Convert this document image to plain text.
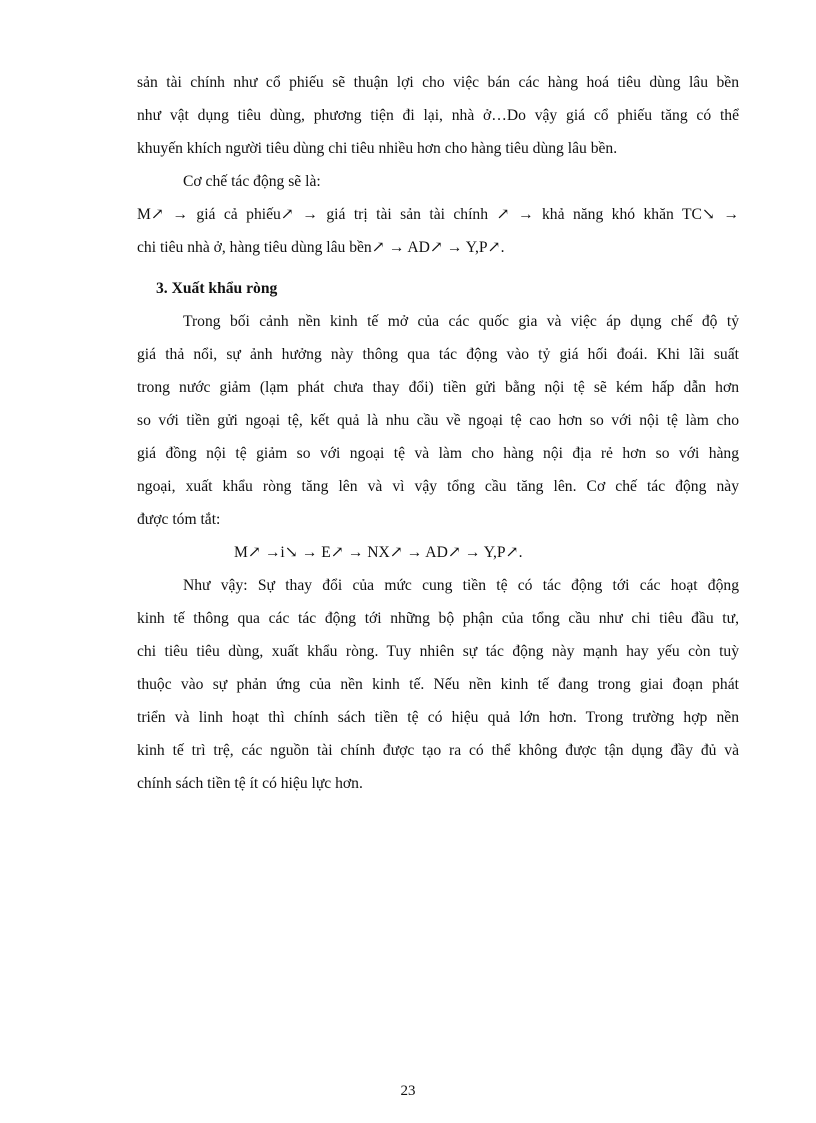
sản tài chính như cổ phiếu sẽ thuận lợi cho việc bán các hàng hoá tiêu dùng lâu bền

như vật dụng tiêu dùng, phương tiện đi lại, nhà ở…Do vậy giá cổ phiếu tăng có thể

khuyến khích người tiêu dùng chi tiêu nhiều hơn cho hàng tiêu dùng lâu bền.

Cơ chế tác động sẽ là:

M↗ → giá cả phiếu↗ → giá trị tài sản tài chính ↗ → khả năng khó khăn TC↘ →

chi tiêu nhà ở, hàng tiêu dùng lâu bền↗ → AD↗ → Y,P↗.

3. Xuất khẩu ròng

Trong bối cảnh nền kinh tế mở của các quốc gia và việc áp dụng chế độ tỷ

giá thả nổi, sự ảnh hưởng này thông qua tác động vào tỷ giá hối đoái. Khi lãi suất

trong nước giảm (lạm phát chưa thay đổi) tiền gửi bằng nội tệ sẽ kém hấp dẫn hơn

so với tiền gửi ngoại tệ, kết quả là nhu cầu về ngoại tệ cao hơn so với nội tệ làm cho

giá đồng nội tệ giảm so với ngoại tệ và làm cho hàng nội địa rẻ hơn so với hàng

ngoại, xuất khẩu ròng tăng lên và vì vậy tổng cầu tăng lên. Cơ chế tác động này

được tóm tắt:

M↗ →i↘ → E↗ → NX↗ → AD↗ → Y,P↗.

Như vậy: Sự thay đổi của mức cung tiền tệ có tác động tới các hoạt động

kinh tế thông qua các tác động tới những bộ phận của tổng cầu như chi tiêu đầu tư,

chi tiêu tiêu dùng, xuất khẩu ròng. Tuy nhiên sự tác động này mạnh hay yếu còn tuỳ

thuộc vào sự phản ứng của nền kinh tế. Nếu nền kinh tế đang trong giai đoạn phát

triển và linh hoạt thì chính sách tiền tệ có hiệu quả lớn hơn. Trong trường hợp nền

kinh tế trì trệ, các nguồn tài chính được tạo ra có thể không được tận dụng đầy đủ và

chính sách tiền tệ ít có hiệu lực hơn.

23
